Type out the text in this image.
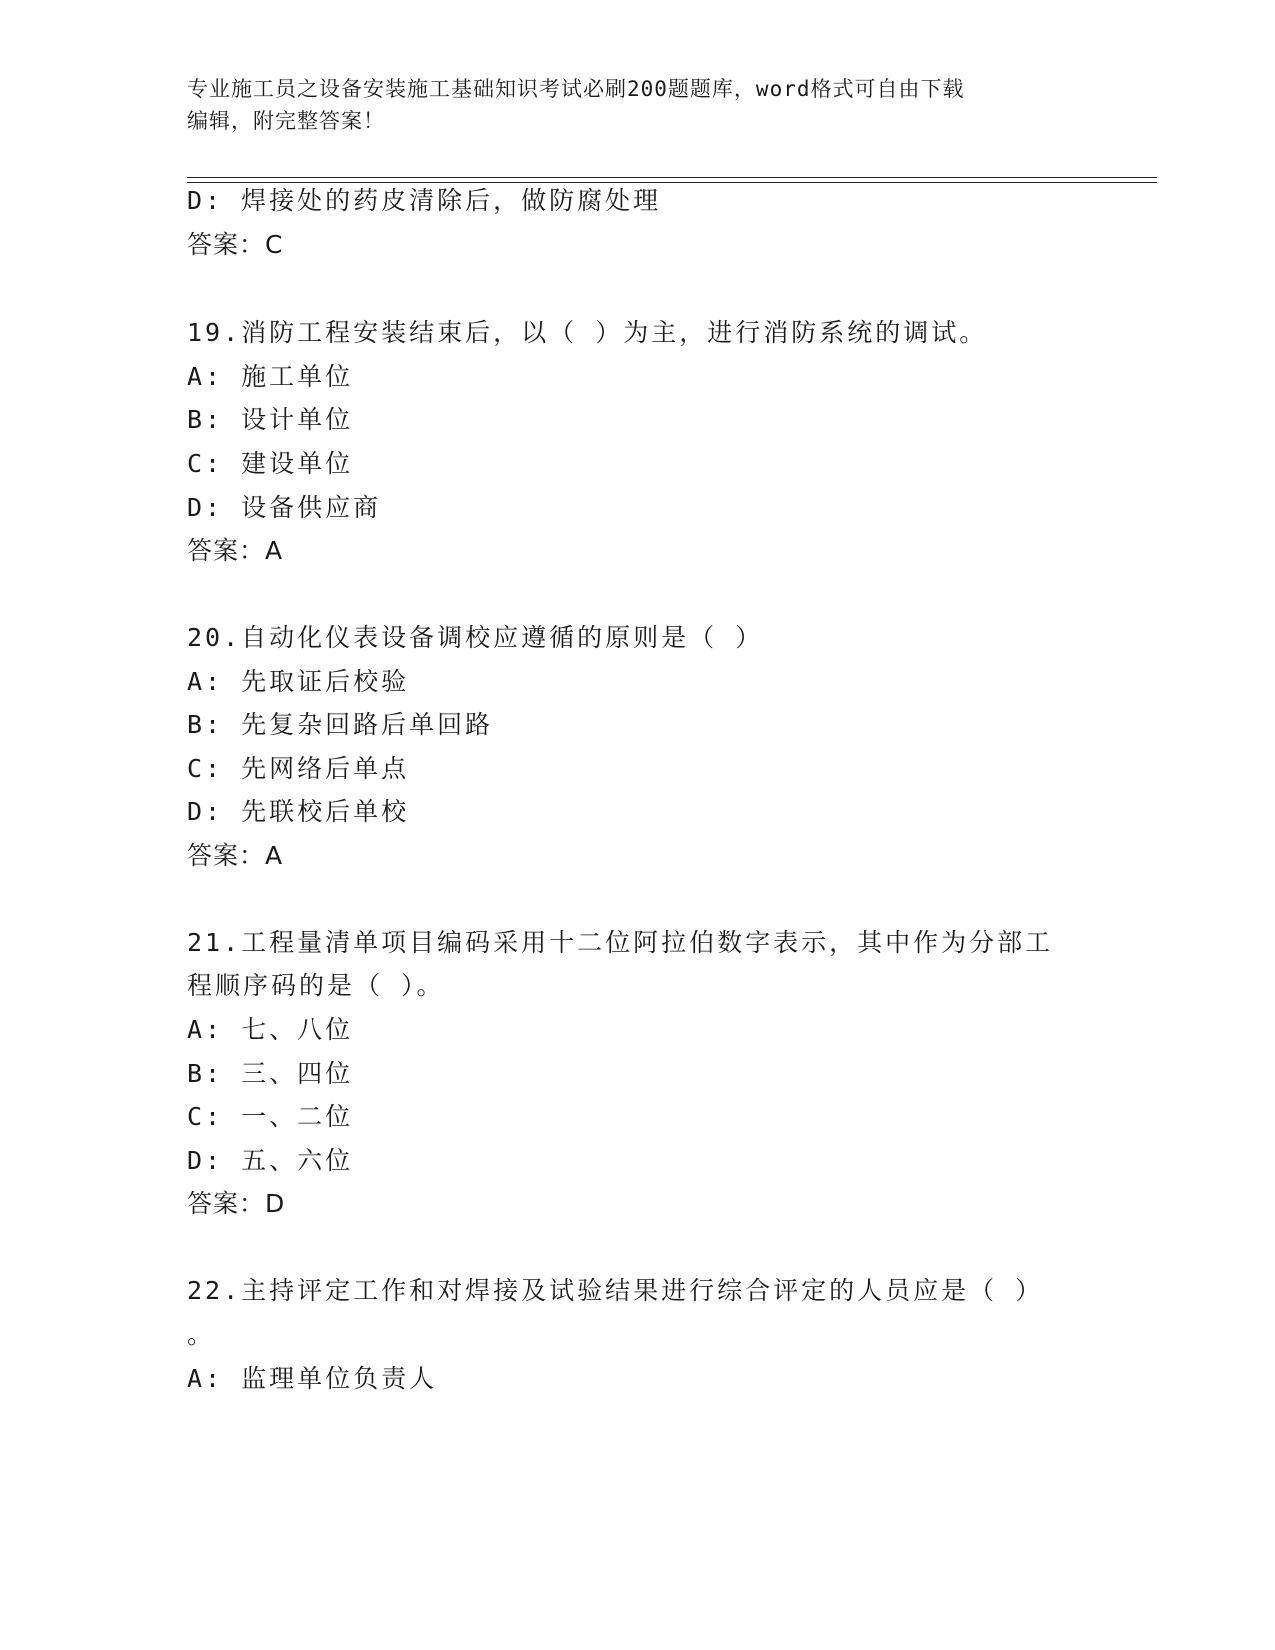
专业施工员之设备安装施工基础知识考试必刷200题题库，word格式可自由下载
编辑，附完整答案！
D: 焊接处的药皮清除后，做防腐处理
答案：C
19.消防工程安装结束后，以（ ）为主，进行消防系统的调试。
A: 施工单位
B: 设计单位
C: 建设单位
D: 设备供应商
答案：A
20.自动化仪表设备调校应遵循的原则是（ ）
A: 先取证后校验
B: 先复杂回路后单回路
C: 先网络后单点
D: 先联校后单校
答案：A
21.工程量清单项目编码采用十二位阿拉伯数字表示，其中作为分部工
程顺序码的是（ ）。
A: 七、八位
B: 三、四位
C: 一、二位
D: 五、六位
答案：D
22.主持评定工作和对焊接及试验结果进行综合评定的人员应是（ ）
。
A: 监理单位负责人
